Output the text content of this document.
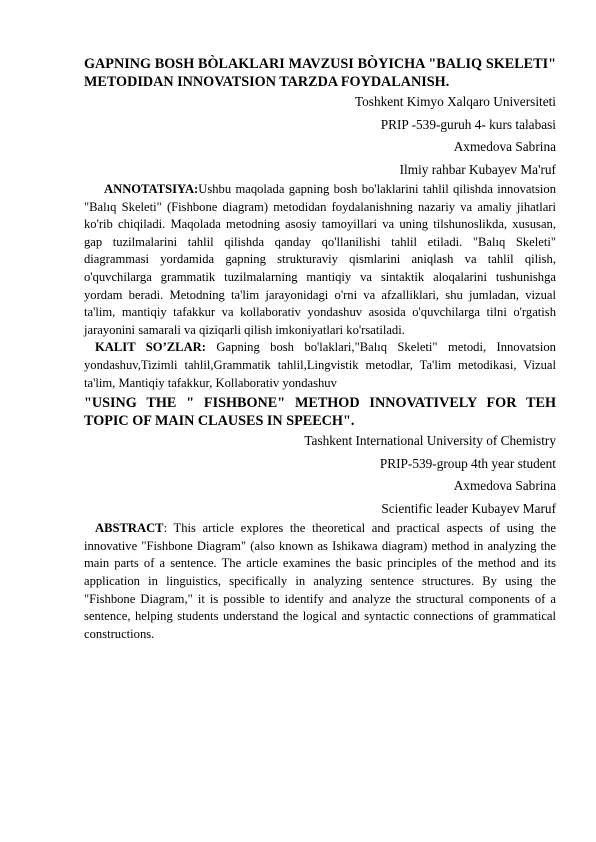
GAPNING BOSH BÒLAKLARI MAVZUSI BÒYICHA "BALIQ SKELETI" METODIDAN INNOVATSION TARZDA FOYDALANISH.

Toshkent Kimyo Xalqaro Universiteti
PRIP -539-guruh 4- kurs talabasi
Axmedova Sabrina
Ilmiy rahbar Kubayev Ma'ruf

ANNOTATSIYA:Ushbu maqolada gapning bosh bo'laklarini tahlil qilishda innovatsion "Balıq Skeleti" (Fishbone diagram) metodidan foydalanishning nazariy va amaliy jihatlari ko'rib chiqiladi. Maqolada metodning asosiy tamoyillari va uning tilshunoslikda, xususan, gap tuzilmalarini tahlil qilishda qanday qo'llanilishi tahlil etiladi. "Balıq Skeleti" diagrammasi yordamida gapning strukturaviy qismlarini aniqlash va tahlil qilish, o'quvchilarga grammatik tuzilmalarning mantiqiy va sintaktik aloqalarini tushunishga yordam beradi. Metodning ta'lim jarayonidagi o'rni va afzalliklari, shu jumladan, vizual ta'lim, mantiqiy tafakkur va kollaborativ yondashuv asosida o'quvchilarga tilni o'rgatish jarayonini samarali va qiziqarli qilish imkoniyatlari ko'rsatiladi.

KALIT SO’ZLAR: Gapning bosh bo'laklari,"Balıq Skeleti" metodi, Innovatsion yondashuv,Tizimli tahlil,Grammatik tahlil,Lingvistik metodlar, Ta'lim metodikasi, Vizual ta'lim, Mantiqiy tafakkur, Kollaborativ yondashuv

"USING THE " FISHBONE" METHOD INNOVATIVELY FOR TEH TOPIC OF MAIN CLAUSES IN SPEECH".

Tashkent International University of Chemistry
PRIP-539-group 4th year student
Axmedova Sabrina
Scientific leader Kubayev Maruf

ABSTRACT: This article explores the theoretical and practical aspects of using the innovative "Fishbone Diagram" (also known as Ishikawa diagram) method in analyzing the main parts of a sentence. The article examines the basic principles of the method and its application in linguistics, specifically in analyzing sentence structures. By using the "Fishbone Diagram," it is possible to identify and analyze the structural components of a sentence, helping students understand the logical and syntactic connections of grammatical constructions.
